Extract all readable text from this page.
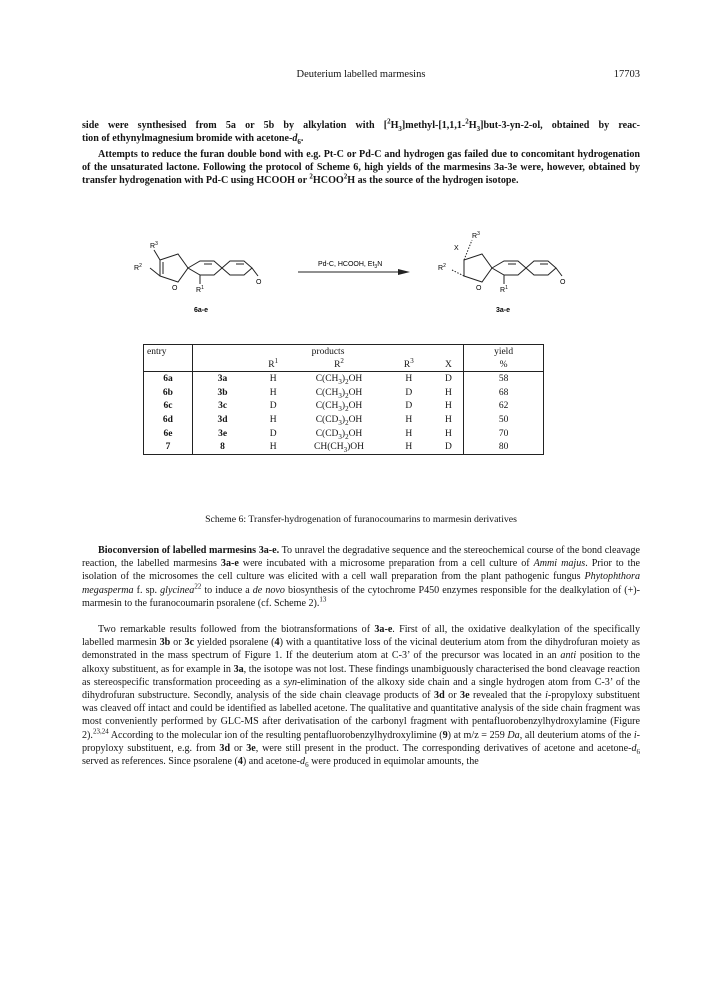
Deuterium labelled marmesins	17703

side were synthesised from 5a or 5b by alkylation with $[^2H_3]methyl-[1,1,1-^2H_3]but-3-yn-2-ol$, obtained by reac-
tion of ethynylmagnesium bromide with acetone-$d_6$.

Attempts to reduce the furan double bond with e.g. Pt-C or Pd-C and hydrogen gas failed due to concomitant hydrogenation of the unsaturated lactone. Following the protocol of Scheme 6, high yields of the marmesins 3a-3e were, however, obtained by transfer hydrogenation with Pd-C using HCOOH or $^2$HCOO$^2$H as the source of the hydrogen isotope.

$R^3$
$R^2$
O
O
$R^1$
6a-e
Pd-C, HCOOH, $Et_3N$
$R^3$
X
$R^2$
O
O
$R^1$
3a-e
entry	products					yield
		$R^1$	$R^2$	$R^3$	X	%
6a	3a	H	$C(CH_3)_2OH$	H	D	58
6b	3b	H	$C(CH_3)_2OH$	D	H	68
6c	3c	D	$C(CH_3)_2OH$	D	H	62
6d	3d	H	$C(CD_3)_2OH$	H	H	50
6e	3e	D	$C(CD_3)_2OH$	H	H	70
7	8	H	$CH(CH_3)OH$	H	D	80
Scheme 6: Transfer-hydrogenation of furanocoumarins to marmesin derivatives

Bioconversion of labelled marmesins 3a-e. To unravel the degradative sequence and the stereochemical course of the bond cleavage reaction, the labelled marmesins 3a-e were incubated with a microsome preparation from a cell culture of Ammi majus. Prior to the isolation of the microsomes the cell culture was elicited with a cell wall preparation from the plant pathogenic fungus Phytophthora megasperma f. sp. glycinea$^{22}$ to induce a de novo biosynthesis of the cytochrome P450 enzymes responsible for the dealkylation of (+)-marmesin to the furanocoumarin psoralene (cf. Scheme 2).$^{13}$

Two remarkable results followed from the biotransformations of 3a-e. First of all, the oxidative dealkylation of the specifically labelled marmesin 3b or 3c yielded psoralene (4) with a quantitative loss of the vicinal deuterium atom from the dihydrofuran moiety as demonstrated in the mass spectrum of Figure 1. If the deuterium atom at C-3’ of the precursor was located in an anti position to the alkoxy substituent, as for example in 3a, the isotope was not lost. These findings unambiguously characterised the bond cleavage reaction as stereospecific transformation proceeding as a syn-elimination of the alkoxy side chain and a single hydrogen atom from C-3’ of the dihydrofuran substructure. Secondly, analysis of the side chain cleavage products of 3d or 3e revealed that the i-propyloxy substituent was cleaved off intact and could be identified as labelled acetone. The qualitative and quantitative analysis of the side chain fragment was most conveniently performed by GLC-MS after derivatisation of the carbonyl fragment with pentafluorobenzylhydroxylamine (Figure 2).$^{23,24}$ According to the molecular ion of the resulting pentafluorobenzylhydroxylimine (9) at m/z = 259 Da, all deuterium atoms of the i-propyloxy substituent, e.g. from 3d or 3e, were still present in the product. The corresponding derivatives of acetone and acetone-$d_6$ served as references. Since psoralene (4) and acetone-$d_6$ were produced in equimolar amounts, the
